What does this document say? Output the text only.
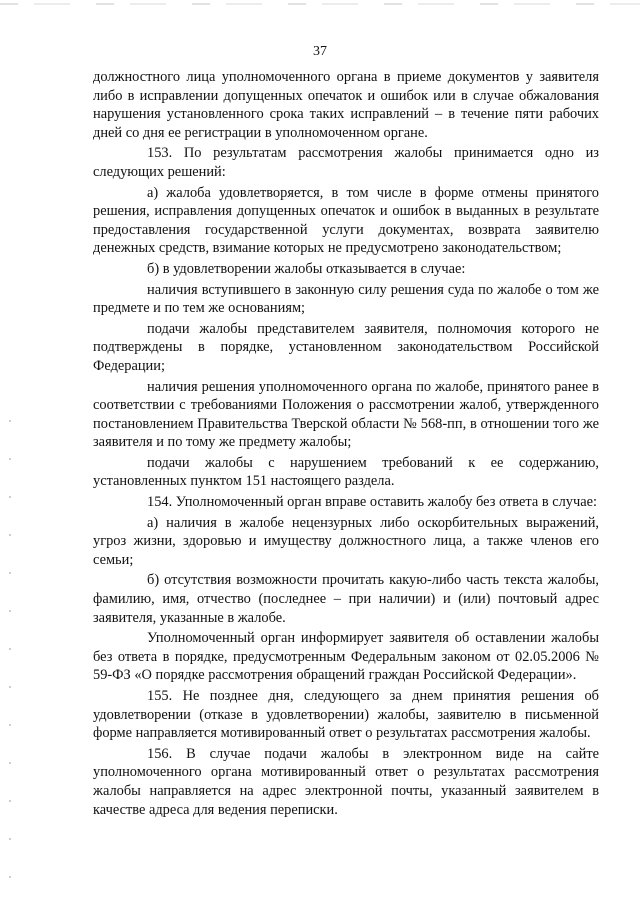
37

должностного лица уполномоченного органа в приеме документов у заявителя либо в исправлении допущенных опечаток и ошибок или в случае обжалования нарушения установленного срока таких исправлений – в течение пяти рабочих дней со дня ее регистрации в уполномоченном органе.

153. По результатам рассмотрения жалобы принимается одно из следующих решений:

а) жалоба удовлетворяется, в том числе в форме отмены принятого решения, исправления допущенных опечаток и ошибок в выданных в результате предоставления государственной услуги документах, возврата заявителю денежных средств, взимание которых не предусмотрено законодательством;

б) в удовлетворении жалобы отказывается в случае:

наличия вступившего в законную силу решения суда по жалобе о том же предмете и по тем же основаниям;

подачи жалобы представителем заявителя, полномочия которого не подтверждены в порядке, установленном законодательством Российской Федерации;

наличия решения уполномоченного органа по жалобе, принятого ранее в соответствии с требованиями Положения о рассмотрении жалоб, утвержденного постановлением Правительства Тверской области № 568-пп, в отношении того же заявителя и по тому же предмету жалобы;

подачи жалобы с нарушением требований к ее содержанию, установленных пунктом 151 настоящего раздела.

154. Уполномоченный орган вправе оставить жалобу без ответа в случае:

а) наличия в жалобе нецензурных либо оскорбительных выражений, угроз жизни, здоровью и имуществу должностного лица, а также членов его семьи;

б) отсутствия возможности прочитать какую-либо часть текста жалобы, фамилию, имя, отчество (последнее – при наличии) и (или) почтовый адрес заявителя, указанные в жалобе.

Уполномоченный орган информирует заявителя об оставлении жалобы без ответа в порядке, предусмотренным Федеральным законом от 02.05.2006 № 59-ФЗ «О порядке рассмотрения обращений граждан Российской Федерации».

155. Не позднее дня, следующего за днем принятия решения об удовлетворении (отказе в удовлетворении) жалобы, заявителю в письменной форме направляется мотивированный ответ о результатах рассмотрения жалобы.

156. В случае подачи жалобы в электронном виде на сайте уполномоченного органа мотивированный ответ о результатах рассмотрения жалобы направляется на адрес электронной почты, указанный заявителем в качестве адреса для ведения переписки.
